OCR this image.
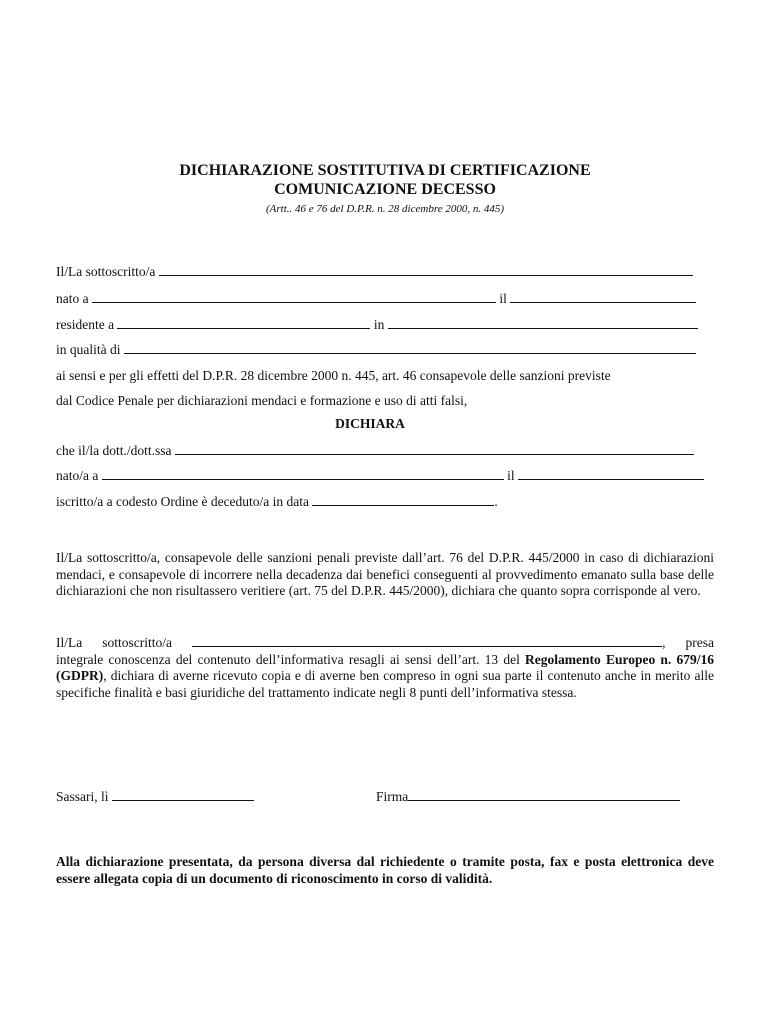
DICHIARAZIONE SOSTITUTIVA DI CERTIFICAZIONE
COMUNICAZIONE DECESSO
(Artt.. 46 e 76 del D.P.R. n. 28 dicembre 2000, n. 445)
Il/La sottoscritto/a
nato a	il
residente a	in
in qualità di
ai sensi e per gli effetti del D.P.R. 28 dicembre 2000 n. 445, art. 46 consapevole delle sanzioni previste
dal Codice Penale per dichiarazioni mendaci e formazione e uso di atti falsi,
DICHIARA
che il/la dott./dott.ssa
nato/a a	il
iscritto/a a codesto Ordine è deceduto/a in data	.
Il/La sottoscritto/a, consapevole delle sanzioni penali previste dall’art. 76 del D.P.R. 445/2000 in caso di dichiarazioni mendaci, e consapevole di incorrere nella decadenza dai benefici conseguenti al provvedimento emanato sulla base delle dichiarazioni che non risultassero veritiere (art. 75 del D.P.R. 445/2000), dichiara che quanto sopra corrisponde al vero.
Il/La sottoscritto/a	, presa integrale conoscenza del contenuto dell’informativa resagli ai sensi dell’art. 13 del Regolamento Europeo n. 679/16 (GDPR), dichiara di averne ricevuto copia e di averne ben compreso in ogni sua parte il contenuto anche in merito alle specifiche finalità e basi giuridiche del trattamento indicate negli 8 punti dell’informativa stessa.
Sassari, lì	Firma
Alla dichiarazione presentata, da persona diversa dal richiedente o tramite posta, fax e posta elettronica deve essere allegata copia di un documento di riconoscimento in corso di validità.
